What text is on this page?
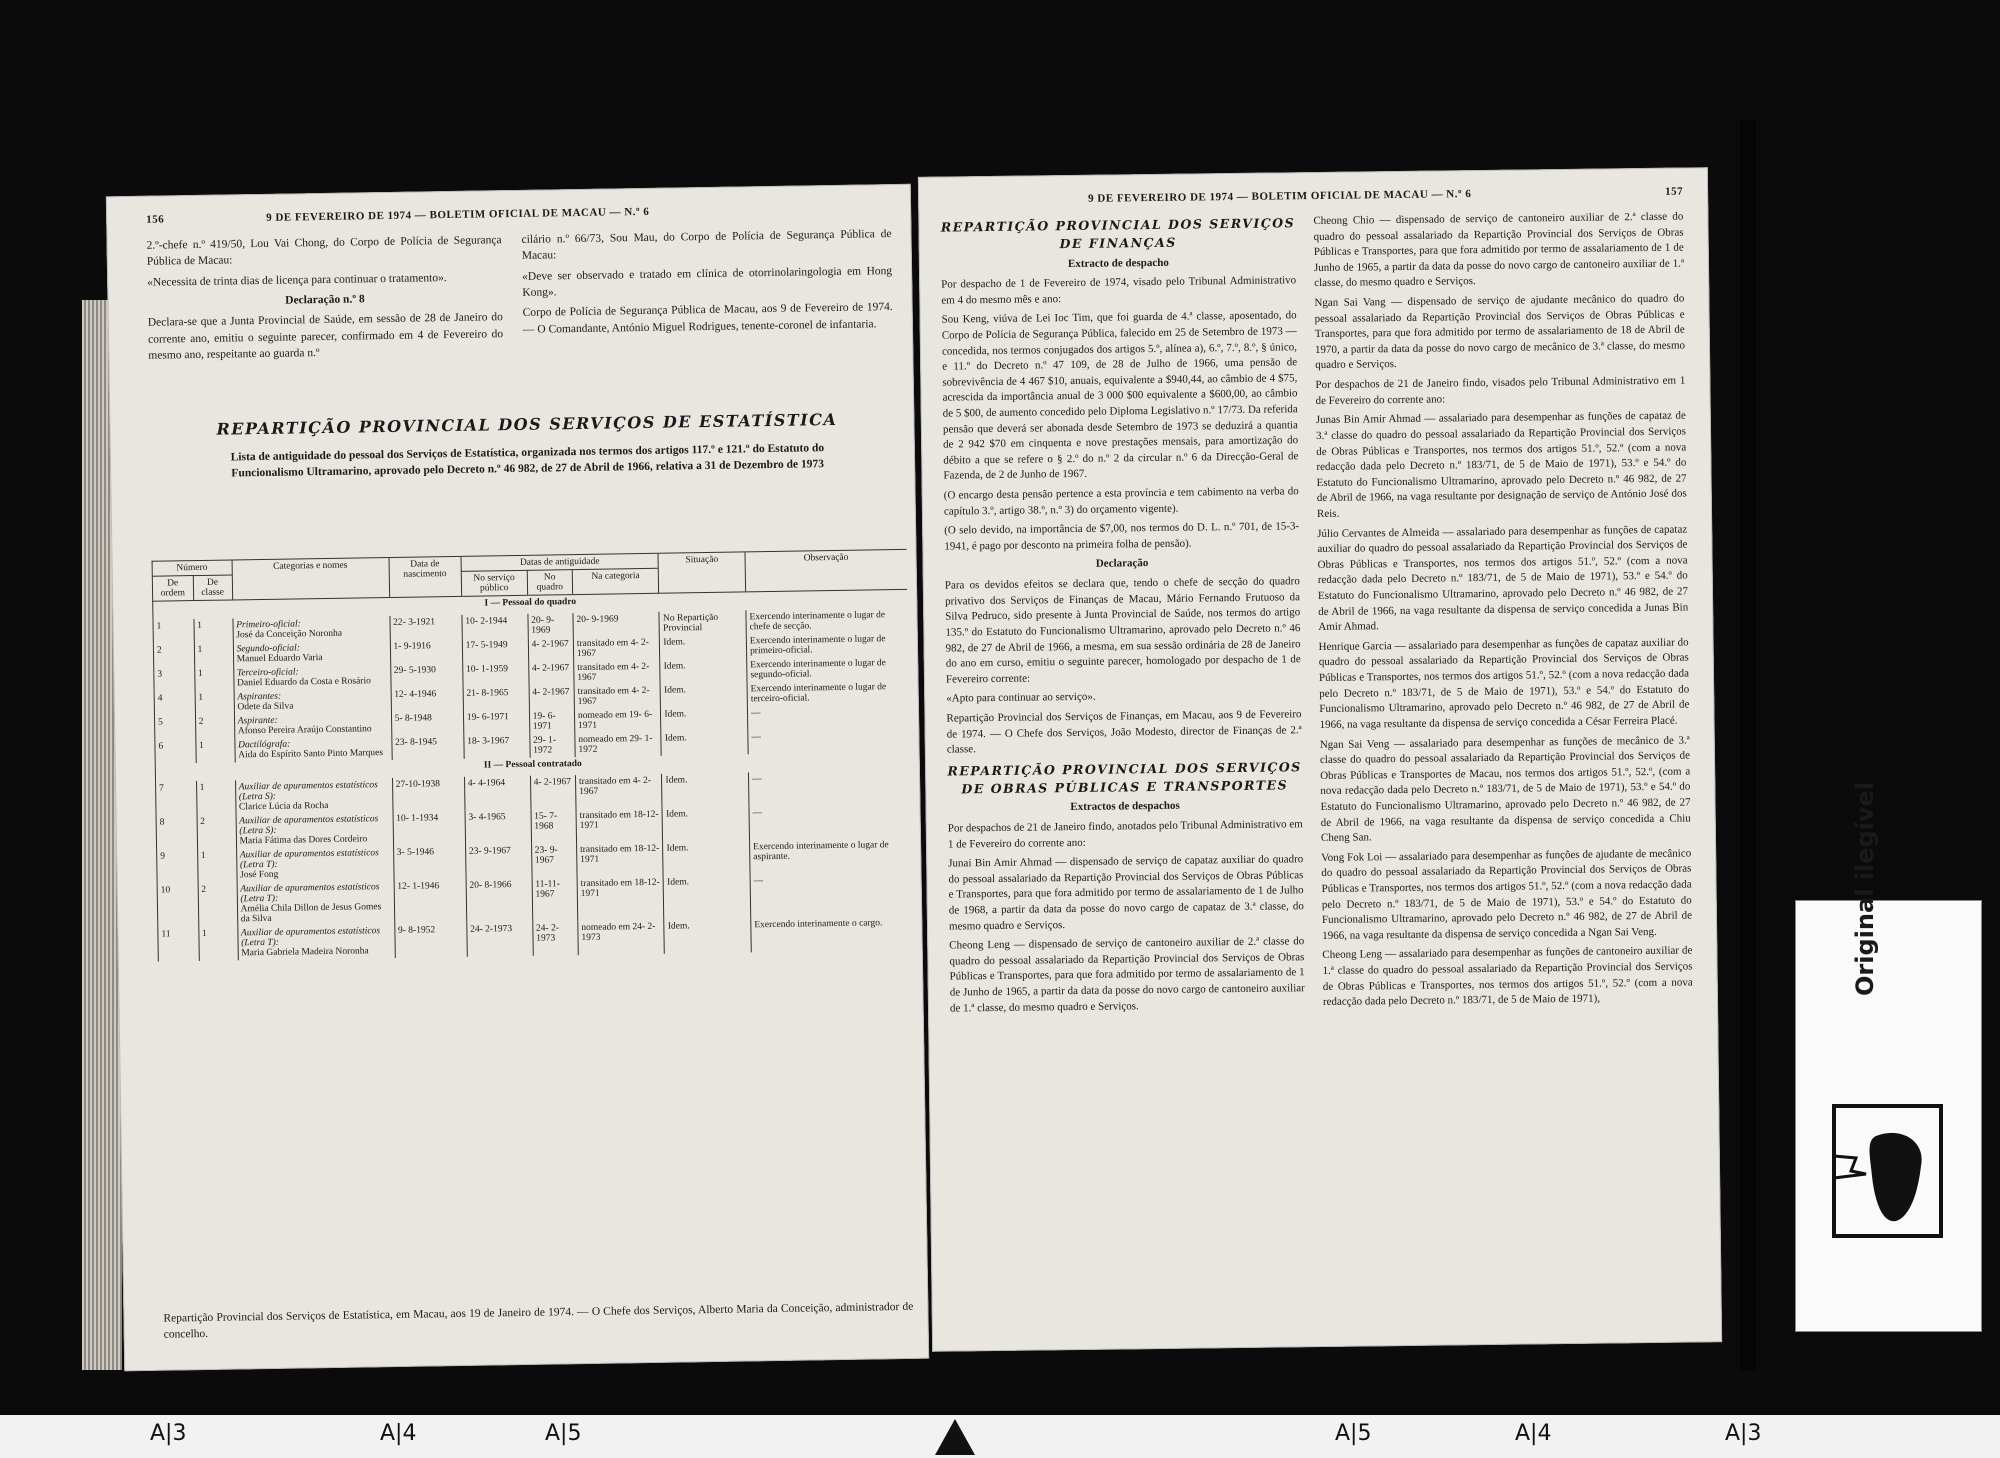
156	9 DE FEVEREIRO DE 1974 — BOLETIM OFICIAL DE MACAU — N.º 6

2.º-chefe n.º 419/50, Lou Vai Chong, do Corpo de Polícia de Segurança Pública de Macau:

«Necessita de trinta dias de licença para continuar o tratamento».

Declaração n.º 8

Declara-se que a Junta Provincial de Saúde, em sessão de 28 de Janeiro do corrente ano, emitiu o seguinte parecer, confirmado em 4 de Fevereiro do mesmo ano, respeitante ao guarda n.º

cilário n.º 66/73, Sou Mau, do Corpo de Polícia de Segurança Pública de Macau:

«Deve ser observado e tratado em clínica de otorrinolaringologia em Hong Kong».

Corpo de Polícia de Segurança Pública de Macau, aos 9 de Fevereiro de 1974. — O Comandante, António Miguel Rodrigues, tenente-coronel de infantaria.

REPARTIÇÃO PROVINCIAL DOS SERVIÇOS DE ESTATÍSTICA
Lista de antiguidade do pessoal dos Serviços de Estatística, organizada nos termos dos artigos 117.º e 121.º do Estatuto do Funcionalismo Ultramarino, aprovado pelo Decreto n.º 46 982, de 27 de Abril de 1966, relativa a 31 de Dezembro de 1973
Número		Categorias e nomes	Data de nascimento	Datas de antiguidade			Situação	Observação
De ordem	De classe			No serviço público	No quadro	Na categoria		
I — Pessoal do quadro								
1	1	Primeiro-oficial:
José da Conceição Noronha	22- 3-1921	10- 2-1944	20- 9-1969	20- 9-1969	No Repartição Provincial	Exercendo interinamente o lugar de chefe de secção.
2	1	Segundo-oficial:
Manuel Eduardo Varia	1- 9-1916	17- 5-1949	4- 2-1967	transitado em 4- 2-1967	Idem.	Exercendo interinamente o lugar de primeiro-oficial.
3	1	Terceiro-oficial:
Daniel Eduardo da Costa e Rosário	29- 5-1930	10- 1-1959	4- 2-1967	transitado em 4- 2-1967	Idem.	Exercendo interinamente o lugar de segundo-oficial.
4	1	Aspirantes:
Odete da Silva	12- 4-1946	21- 8-1965	4- 2-1967	transitado em 4- 2-1967	Idem.	Exercendo interinamente o lugar de terceiro-oficial.
5	2	Aspirante:
Afonso Pereira Araújo Constantino	5- 8-1948	19- 6-1971	19- 6-1971	nomeado em 19- 6-1971	Idem.	—
6	1	Dactilógrafa:
Aida do Espírito Santo Pinto Marques	23- 8-1945	18- 3-1967	29- 1-1972	nomeado em 29- 1-1972	Idem.	—
II — Pessoal contratado								
7	1	Auxiliar de apuramentos estatísticos (Letra S):
Clarice Lúcia da Rocha	27-10-1938	4- 4-1964	4- 2-1967	transitado em 4- 2-1967	Idem.	—
8	2	Auxiliar de apuramentos estatísticos (Letra S):
Maria Fátima das Dores Cordeiro	10- 1-1934	3- 4-1965	15- 7-1968	transitado em 18-12-1971	Idem.	—
9	1	Auxiliar de apuramentos estatísticos (Letra T):
José Fong	3- 5-1946	23- 9-1967	23- 9-1967	transitado em 18-12-1971	Idem.	Exercendo interinamente o lugar de aspirante.
10	2	Auxiliar de apuramentos estatísticos (Letra T):
Amélia Chila Dillon de Jesus Gomes da Silva	12- 1-1946	20- 8-1966	11-11-1967	transitado em 18-12-1971	Idem.	—
11	1	Auxiliar de apuramentos estatísticos (Letra T):
Maria Gabriela Madeira Noronha	9- 8-1952	24- 2-1973	24- 2-1973	nomeado em 24- 2-1973	Idem.	Exercendo interinamente o cargo.
Repartição Provincial dos Serviços de Estatística, em Macau, aos 19 de Janeiro de 1974. — O Chefe dos Serviços, Alberto Maria da Conceição, administrador de concelho.
9 DE FEVEREIRO DE 1974 — BOLETIM OFICIAL DE MACAU — N.º 6	157

REPARTIÇÃO PROVINCIAL DOS SERVIÇOS DE FINANÇAS

Extracto de despacho

Por despacho de 1 de Fevereiro de 1974, visado pelo Tribunal Administrativo em 4 do mesmo mês e ano:

Sou Keng, viúva de Lei Ioc Tim, que foi guarda de 4.ª classe, aposentado, do Corpo de Polícia de Segurança Pública, falecido em 25 de Setembro de 1973 — concedida, nos termos conjugados dos artigos 5.º, alínea a), 6.º, 7.º, 8.º, § único, e 11.º do Decreto n.º 47 109, de 28 de Julho de 1966, uma pensão de sobrevivência de 4 467 $10, anuais, equivalente a $940,44, ao câmbio de 4 $75, acrescida da importância anual de 3 000 $00 equivalente a $600,00, ao câmbio de 5 $00, de aumento concedido pelo Diploma Legislativo n.º 17/73. Da referida pensão que deverá ser abonada desde Setembro de 1973 se deduzirá a quantia de 2 942 $70 em cinquenta e nove prestações mensais, para amortização do débito a que se refere o § 2.º do n.º 2 da circular n.º 6 da Direcção-Geral de Fazenda, de 2 de Junho de 1967.

(O encargo desta pensão pertence a esta província e tem cabimento na verba do capítulo 3.º, artigo 38.º, n.º 3) do orçamento vigente).

(O selo devido, na importância de $7,00, nos termos do D. L. n.º 701, de 15-3-1941, é pago por desconto na primeira folha de pensão).

Declaração

Para os devidos efeitos se declara que, tendo o chefe de secção do quadro privativo dos Serviços de Finanças de Macau, Mário Fernando Frutuoso da Silva Pedruco, sido presente à Junta Provincial de Saúde, nos termos do artigo 135.º do Estatuto do Funcionalismo Ultramarino, aprovado pelo Decreto n.º 46 982, de 27 de Abril de 1966, a mesma, em sua sessão ordinária de 28 de Janeiro do ano em curso, emitiu o seguinte parecer, homologado por despacho de 1 de Fevereiro corrente:

«Apto para continuar ao serviço».

Repartição Provincial dos Serviços de Finanças, em Macau, aos 9 de Fevereiro de 1974. — O Chefe dos Serviços, João Modesto, director de Finanças de 2.ª classe.

REPARTIÇÃO PROVINCIAL DOS SERVIÇOS DE OBRAS PÚBLICAS E TRANSPORTES

Extractos de despachos

Por despachos de 21 de Janeiro findo, anotados pelo Tribunal Administrativo em 1 de Fevereiro do corrente ano:

Junai Bin Amir Ahmad — dispensado de serviço de capataz auxiliar do quadro do pessoal assalariado da Repartição Provincial dos Serviços de Obras Públicas e Transportes, para que fora admitido por termo de assalariamento de 1 de Julho de 1968, a partir da data da posse do novo cargo de capataz de 3.ª classe, do mesmo quadro e Serviços.

Cheong Leng — dispensado de serviço de cantoneiro auxiliar de 2.ª classe do quadro do pessoal assalariado da Repartição Provincial dos Serviços de Obras Públicas e Transportes, para que fora admitido por termo de assalariamento de 1 de Junho de 1965, a partir da data da posse do novo cargo de cantoneiro auxiliar de 1.ª classe, do mesmo quadro e Serviços.

Cheong Chio — dispensado de serviço de cantoneiro auxiliar de 2.ª classe do quadro do pessoal assalariado da Repartição Provincial dos Serviços de Obras Públicas e Transportes, para que fora admitido por termo de assalariamento de 1 de Junho de 1965, a partir da data da posse do novo cargo de cantoneiro auxiliar de 1.ª classe, do mesmo quadro e Serviços.

Ngan Sai Vang — dispensado de serviço de ajudante mecânico do quadro do pessoal assalariado da Repartição Provincial dos Serviços de Obras Públicas e Transportes, para que fora admitido por termo de assalariamento de 18 de Abril de 1970, a partir da data da posse do novo cargo de mecânico de 3.ª classe, do mesmo quadro e Serviços.

Por despachos de 21 de Janeiro findo, visados pelo Tribunal Administrativo em 1 de Fevereiro do corrente ano:

Junas Bin Amir Ahmad — assalariado para desempenhar as funções de capataz de 3.ª classe do quadro do pessoal assalariado da Repartição Provincial dos Serviços de Obras Públicas e Transportes, nos termos dos artigos 51.º, 52.º (com a nova redacção dada pelo Decreto n.º 183/71, de 5 de Maio de 1971), 53.º e 54.º do Estatuto do Funcionalismo Ultramarino, aprovado pelo Decreto n.º 46 982, de 27 de Abril de 1966, na vaga resultante por designação de serviço de António José dos Reis.

Júlio Cervantes de Almeida — assalariado para desempenhar as funções de capataz auxiliar do quadro do pessoal assalariado da Repartição Provincial dos Serviços de Obras Públicas e Transportes, nos termos dos artigos 51.º, 52.º (com a nova redacção dada pelo Decreto n.º 183/71, de 5 de Maio de 1971), 53.º e 54.º do Estatuto do Funcionalismo Ultramarino, aprovado pelo Decreto n.º 46 982, de 27 de Abril de 1966, na vaga resultante da dispensa de serviço concedida a Junas Bin Amir Ahmad.

Henrique Garcia — assalariado para desempenhar as funções de capataz auxiliar do quadro do pessoal assalariado da Repartição Provincial dos Serviços de Obras Públicas e Transportes, nos termos dos artigos 51.º, 52.º (com a nova redacção dada pelo Decreto n.º 183/71, de 5 de Maio de 1971), 53.º e 54.º do Estatuto do Funcionalismo Ultramarino, aprovado pelo Decreto n.º 46 982, de 27 de Abril de 1966, na vaga resultante da dispensa de serviço concedida a César Ferreira Placé.

Ngan Sai Veng — assalariado para desempenhar as funções de mecânico de 3.ª classe do quadro do pessoal assalariado da Repartição Provincial dos Serviços de Obras Públicas e Transportes de Macau, nos termos dos artigos 51.º, 52.º, (com a nova redacção dada pelo Decreto n.º 183/71, de 5 de Maio de 1971), 53.º e 54.º do Estatuto do Funcionalismo Ultramarino, aprovado pelo Decreto n.º 46 982, de 27 de Abril de 1966, na vaga resultante da dispensa de serviço concedida a Chiu Cheng San.

Vong Fok Loi — assalariado para desempenhar as funções de ajudante de mecânico do quadro do pessoal assalariado da Repartição Provincial dos Serviços de Obras Públicas e Transportes, nos termos dos artigos 51.º, 52.º (com a nova redacção dada pelo Decreto n.º 183/71, de 5 de Maio de 1971), 53.º e 54.º do Estatuto do Funcionalismo Ultramarino, aprovado pelo Decreto n.º 46 982, de 27 de Abril de 1966, na vaga resultante da dispensa de serviço concedida a Ngan Sai Veng.

Cheong Leng — assalariado para desempenhar as funções de cantoneiro auxiliar de 1.ª classe do quadro do pessoal assalariado da Repartição Provincial dos Serviços de Obras Públicas e Transportes, nos termos dos artigos 51.º, 52.º (com a nova redacção dada pelo Decreto n.º 183/71, de 5 de Maio de 1971),

Original ilegível
A|3	A|4	A|5	A|5	A|4	A|3
